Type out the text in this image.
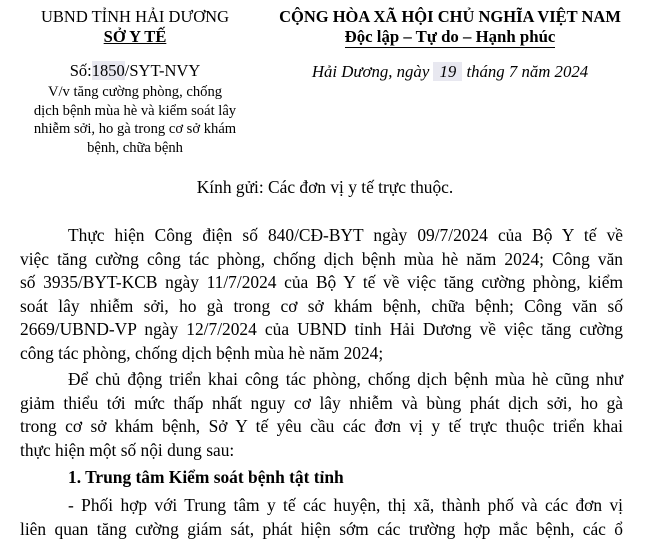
UBND TỈNH HẢI DƯƠNG
SỞ Y TẾ
Số:1850/SYT-NVY
V/v tăng cường phòng, chống
dịch bệnh mùa hè và kiểm soát lây
nhiễm sởi, ho gà trong cơ sở khám
bệnh, chữa bệnh
CỘNG HÒA XÃ HỘI CHỦ NGHĨA VIỆT NAM
Độc lập – Tự do – Hạnh phúc
Hải Dương, ngày 19 tháng 7 năm 2024
Kính gửi: Các đơn vị y tế trực thuộc.
Thực hiện Công điện số 840/CĐ-BYT ngày 09/7/2024 của Bộ Y tế về
việc tăng cường công tác phòng, chống dịch bệnh mùa hè năm 2024; Công văn
số 3935/BYT-KCB ngày 11/7/2024 của Bộ Y tế về việc tăng cường phòng, kiểm
soát lây nhiễm sởi, ho gà trong cơ sở khám bệnh, chữa bệnh; Công văn số
2669/UBND-VP ngày 12/7/2024 của UBND tỉnh Hải Dương về việc tăng cường
công tác phòng, chống dịch bệnh mùa hè năm 2024;
Để chủ động triển khai công tác phòng, chống dịch bệnh mùa hè cũng như
giảm thiểu tới mức thấp nhất nguy cơ lây nhiễm và bùng phát dịch sởi, ho gà
trong cơ sở khám bệnh, Sở Y tế yêu cầu các đơn vị y tế trực thuộc triển khai
thực hiện một số nội dung sau:
1. Trung tâm Kiểm soát bệnh tật tỉnh
- Phối hợp với Trung tâm y tế các huyện, thị xã, thành phố và các đơn vị
liên quan tăng cường giám sát, phát hiện sớm các trường hợp mắc bệnh, các ổ
